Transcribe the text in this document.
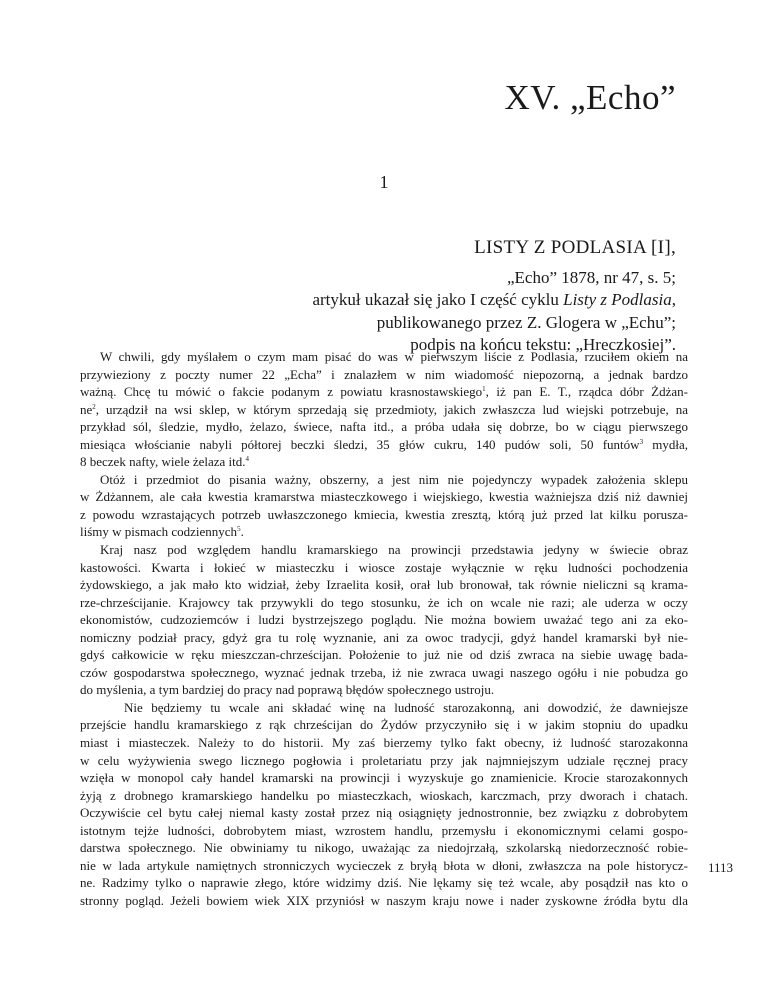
XV. „Echo”
1
LISTY Z PODLASIA [I],
„Echo” 1878, nr 47, s. 5;
artykuł ukazał się jako I część cyklu Listy z Podlasia,
publikowanego przez Z. Glogera w „Echu”;
podpis na końcu tekstu: „Hreczkosiej”.
W chwili, gdy myślałem o czym mam pisać do was w pierwszym liście z Podlasia, rzuciłem okiem na
przywieziony z poczty numer 22 „Echa” i znalazłem w nim wiadomość niepozorną, a jednak bardzo
ważną. Chcę tu mówić o fakcie podanym z powiatu krasnostawskiego$^1$, iż pan E. T., rządca dóbr Żdżan-
$ne^2$, urządził na wsi sklep, w którym sprzedają się przedmioty, jakich zwłaszcza lud wiejski potrzebuje, na
przykład sól, śledzie, mydło, żelazo, świece, nafta itd., a próba udała się dobrze, bo w ciągu pierwszego
miesiąca włościanie nabyli półtorej beczki śledzi, 35 głów cukru, 140 pudów soli, 50 funtów$^3$ mydła,
8 beczek nafty, wiele żelaza itd.$^4$
Otóż i przedmiot do pisania ważny, obszerny, a jest nim nie pojedynczy wypadek założenia sklepu
w Żdżannem, ale cała kwestia kramarstwa miasteczkowego i wiejskiego, kwestia ważniejsza dziś niż dawniej
z powodu wzrastających potrzeb uwłaszczonego kmiecia, kwestia zresztą, którą już przed lat kilku porusza-
liśmy w pismach codziennych$^5$.
Kraj nasz pod względem handlu kramarskiego na prowincji przedstawia jedyny w świecie obraz
kastowości. Kwarta i łokieć w miasteczku i wiosce zostaje wyłącznie w ręku ludności pochodzenia
żydowskiego, a jak mało kto widział, żeby Izraelita kosił, orał lub bronował, tak równie nieliczni są kramа-
rze-chrześcijanie. Krajowcy tak przywykli do tego stosunku, że ich on wcale nie razi; ale uderza w oczy
ekonomistów, cudzoziemców i ludzi bystrzejszego poglądu. Nie można bowiem uważać tego ani za eko-
nomiczny podział pracy, gdyż gra tu rolę wyznanie, ani za owoc tradycji, gdyż handel kramarski był nie-
gdyś całkowicie w ręku mieszczan-chrześcijan. Położenie to już nie od dziś zwraca na siebie uwagę bada-
czów gospodarstwa społecznego, wyznać jednak trzeba, iż nie zwraca uwagi naszego ogółu i nie pobudza go
do myślenia, a tym bardziej do pracy nad poprawą błędów społecznego ustroju.
Nie będziemy tu wcale ani składać winę na ludność starozakonną, ani dowodzić, że dawniejsze
przejście handlu kramarskiego z rąk chrześcijan do Żydów przyczyniło się i w jakim stopniu do upadku
miast i miasteczek. Należy to do historii. My zaś bierzemy tylko fakt obecny, iż ludność starozakonna
w celu wyżywienia swego licznego pogłowia i proletariatu przy jak najmniejszym udziale ręcznej pracy
wzięła w monopol cały handel kramarski na prowincji i wyzyskuje go znamienicie. Krocie starozakonnych
żyją z drobnego kramarskiego handelku po miasteczkach, wioskach, karczmach, przy dworach i chatach.
Oczywiście cel bytu całej niemal kasty został przez nią osiągnięty jednostronnie, bez związku z dobrobytem
istotnym tejże ludności, dobrobytem miast, wzrostem handlu, przemysłu i ekonomicznymi celami gospo-
darstwa społecznego. Nie obwiniamy tu nikogo, uważając za niedojrzałą, szkolarską niedorzeczność robie-
nie w lada artykule namiętnych stronniczych wycieczek z bryłą błota w dłoni, zwłaszcza na pole historycz-
ne. Radzimy tylko o naprawie złego, które widzimy dziś. Nie lękamy się też wcale, aby posądził nas kto o
stronny pogląd. Jeżeli bowiem wiek XIX przyniósł w naszym kraju nowe i nader zyskowne źródła bytu dla
1113
